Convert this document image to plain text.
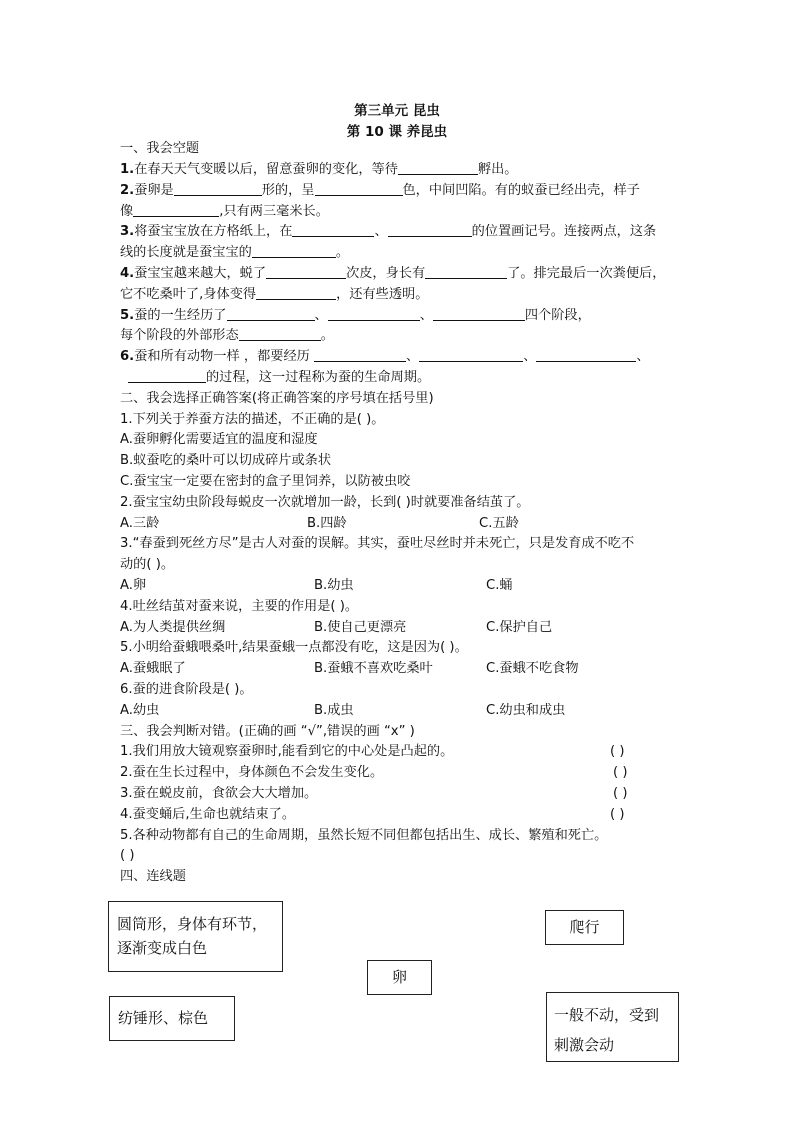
第三单元 昆虫
第 10 课 养昆虫
一、我会空题
1.在春天天气变暖以后，留意蚕卵的变化，等待	孵出。
2.蚕卵是	形的，呈	色，中间凹陷。有的蚁蚕已经出壳，样子
像	,只有两三毫米长。
3.将蚕宝宝放在方格纸上，在	、	的位置画记号。连接两点，这条
线的长度就是蚕宝宝的	。
4.蚕宝宝越来越大，蜕了	次皮，身长有	了。排完最后一次粪便后，
它不吃桑叶了,身体变得	，还有些透明。
5.蚕的一生经历了	、	、	四个阶段，
每个阶段的外部形态	。
6.蚕和所有动物一样 ，都要经历	、	、	、
的过程，这一过程称为蚕的生命周期。
二、我会选择正确答案(将正确答案的序号填在括号里)
1.下列关于养蚕方法的描述，不正确的是( )。
A.蚕卵孵化需要适宜的温度和湿度
B.蚁蚕吃的桑叶可以切成碎片或条状
C.蚕宝宝一定要在密封的盒子里饲养，以防被虫咬
2.蚕宝宝幼虫阶段每蜕皮一次就增加一龄，长到( )时就要准备结茧了。
A.三龄	B.四龄	C.五龄
3.“春蚕到死丝方尽”是古人对蚕的误解。其实，蚕吐尽丝时并未死亡，只是发育成不吃不
动的( )。
A.卵	B.幼虫	C.蛹
4.吐丝结茧对蚕来说，主要的作用是( )。
A.为人类提供丝绸	B.使自己更漂亮	C.保护自己
5.小明给蚕蛾喂桑叶,结果蚕蛾一点都没有吃，这是因为( )。
A.蚕蛾眠了	B.蚕蛾不喜欢吃桑叶	C.蚕蛾不吃食物
6.蚕的进食阶段是( )。
A.幼虫	B.成虫	C.幼虫和成虫
三、我会判断对错。(正确的画 “√”,错误的画 “x” )
1.我们用放大镜观察蚕卵时,能看到它的中心处是凸起的。	( )
2.蚕在生长过程中，身体颜色不会发生变化。	( )
3.蚕在蜕皮前，食欲会大大增加。	( )
4.蚕变蛹后,生命也就结束了。	( )
5.各种动物都有自己的生命周期，虽然长短不同但都包括出生、成长、繁殖和死亡。
( )
四、连线题
圆筒形，身体有环节，
逐渐变成白色
爬行
卵
纺锤形、棕色	一般不动，受到
刺激会动
